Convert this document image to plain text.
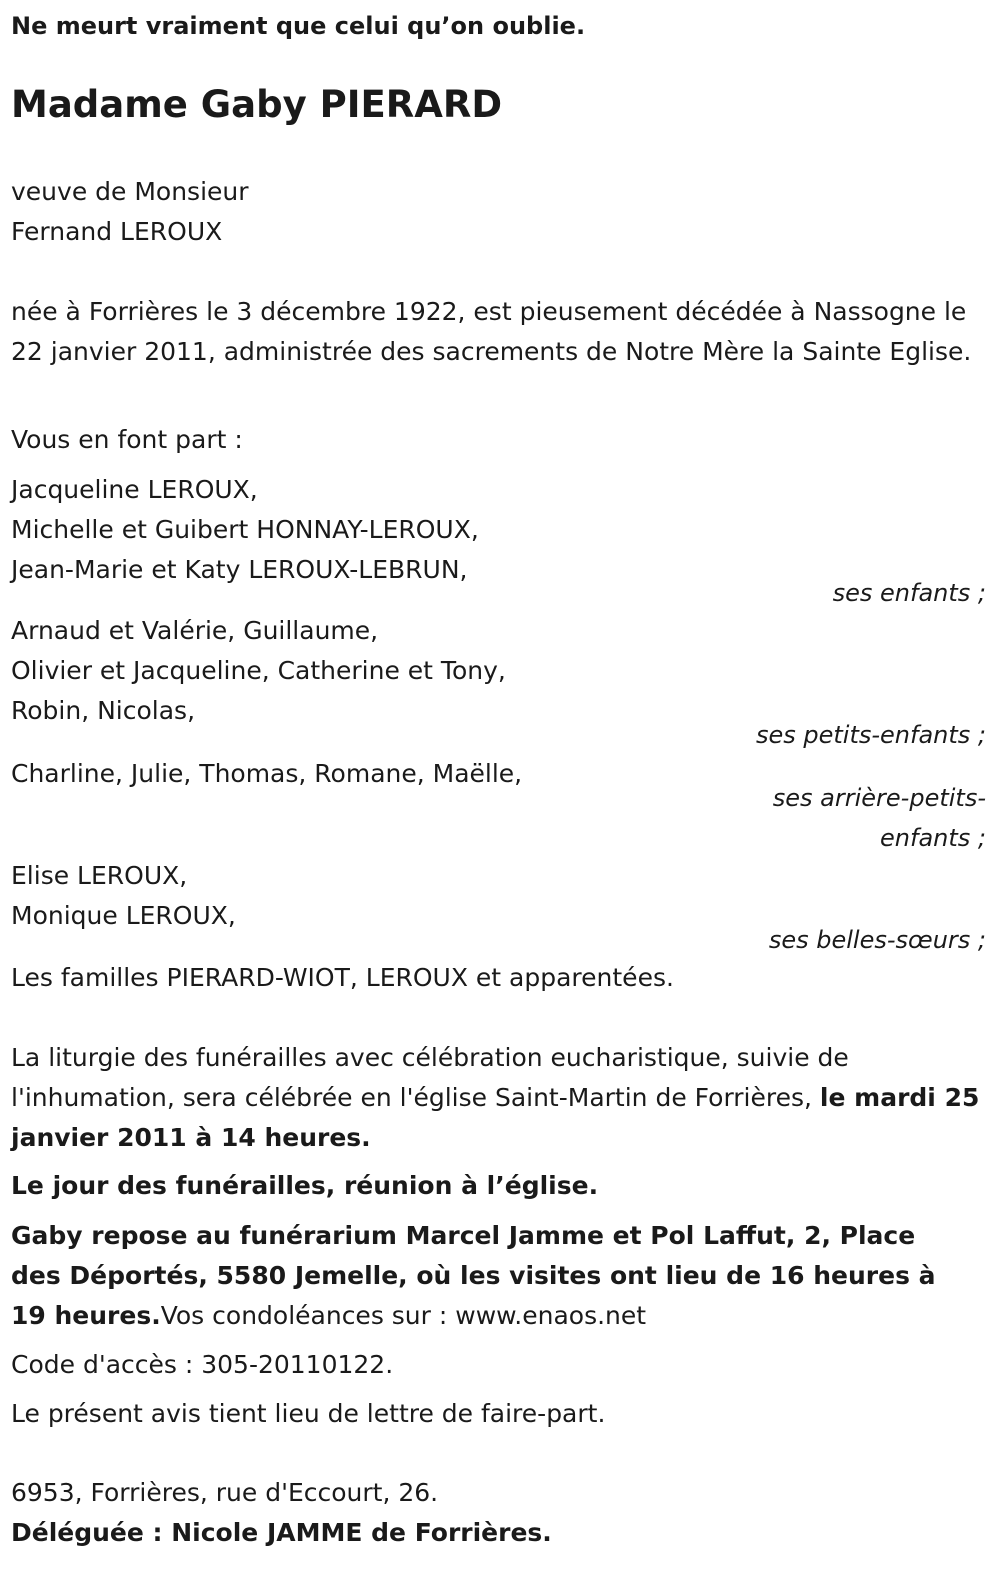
Ne meurt vraiment que celui qu’on oublie.

Madame Gaby PIERARD

veuve de Monsieur
Fernand LEROUX

née à Forrières le 3 décembre 1922, est pieusement décédée à Nassogne le 22 janvier 2011, administrée des sacrements de Notre Mère la Sainte Eglise.

Vous en font part :

Jacqueline LEROUX,
Michelle et Guibert HONNAY-LEROUX,
Jean-Marie et Katy LEROUX-LEBRUN,

ses enfants ;

Arnaud et Valérie, Guillaume,
Olivier et Jacqueline, Catherine et Tony,
Robin, Nicolas,

ses petits-enfants ;

Charline, Julie, Thomas, Romane, Maëlle,

ses arrière-petits-
enfants ;

Elise LEROUX,
Monique LEROUX,

ses belles-sœurs ;

Les familles PIERARD-WIOT, LEROUX et apparentées.

La liturgie des funérailles avec célébration eucharistique, suivie de l'inhumation, sera célébrée en l'église Saint-Martin de Forrières, le mardi 25 janvier 2011 à 14 heures.

Le jour des funérailles, réunion à l’église.

Gaby repose au funérarium Marcel Jamme et Pol Laffut, 2, Place des Déportés, 5580 Jemelle, où les visites ont lieu de 16 heures à 19 heures.Vos condoléances sur : www.enaos.net

Code d'accès : 305-20110122.

Le présent avis tient lieu de lettre de faire-part.

6953, Forrières, rue d'Eccourt, 26.

Déléguée : Nicole JAMME de Forrières.
